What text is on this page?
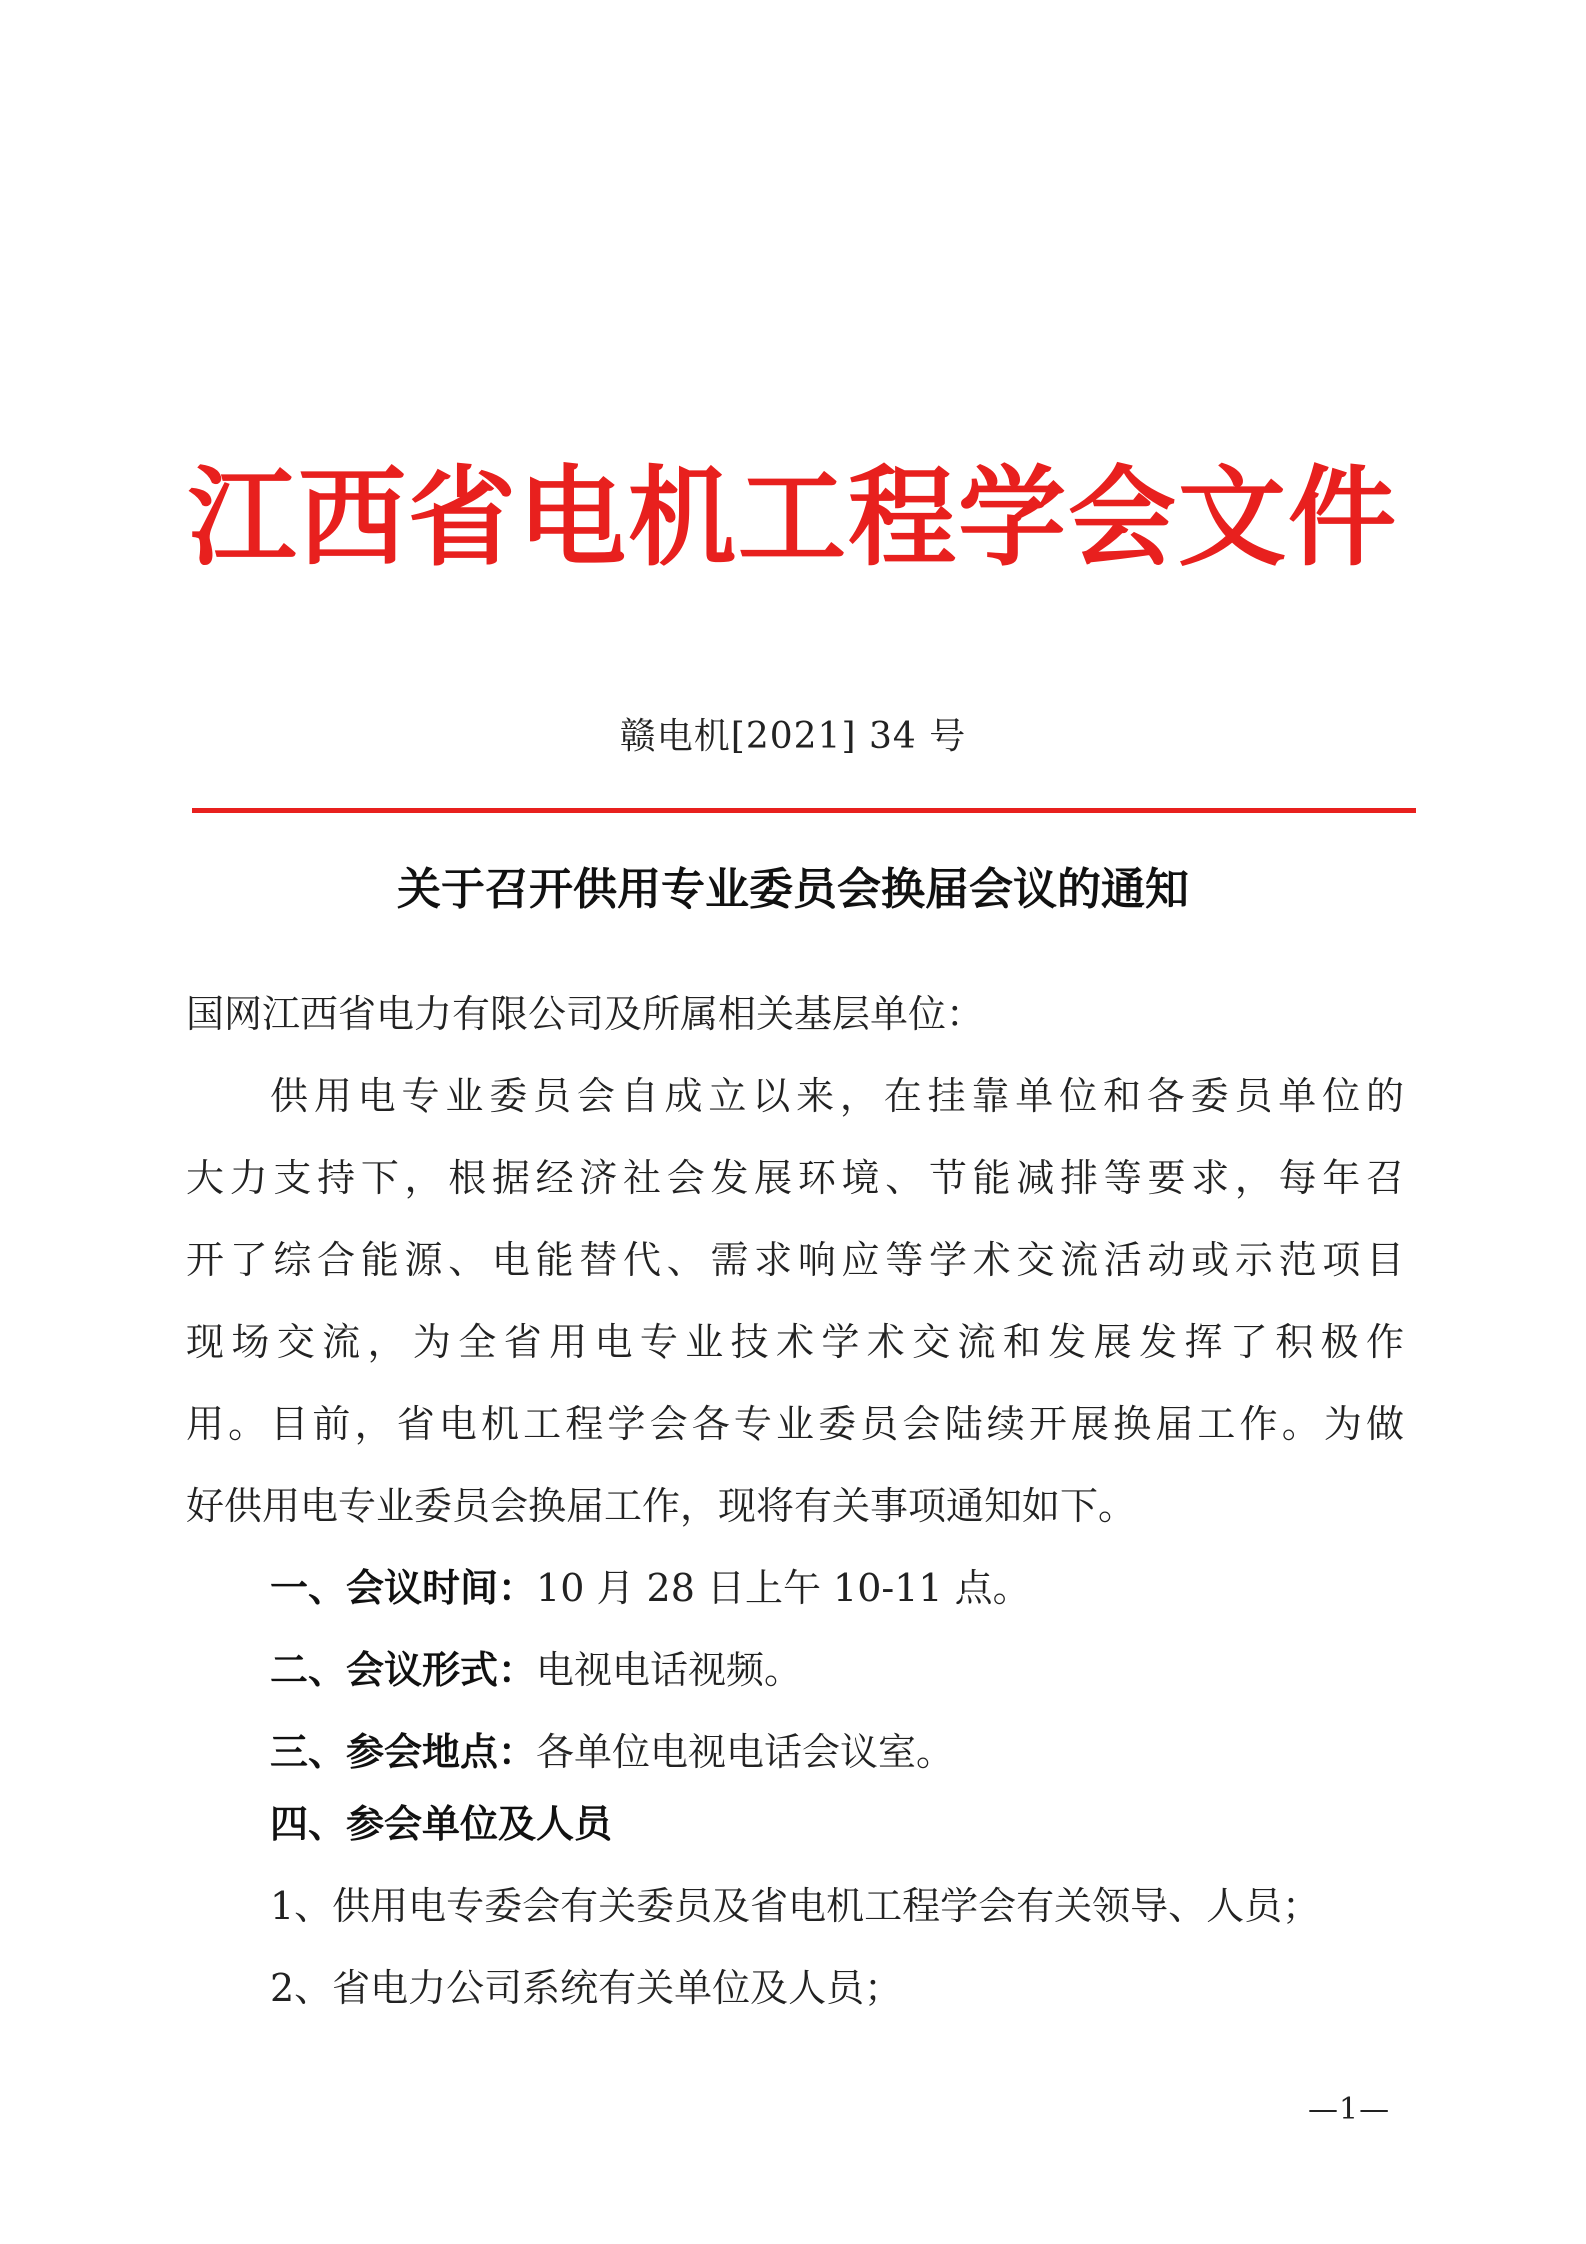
江西省电机工程学会文件
赣电机[2021] 34 号
关于召开供用专业委员会换届会议的通知
国网江西省电力有限公司及所属相关基层单位：
供用电专业委员会自成立以来，在挂靠单位和各委员单位的
大力支持下，根据经济社会发展环境、节能减排等要求，每年召
开了综合能源、电能替代、需求响应等学术交流活动或示范项目
现场交流，为全省用电专业技术学术交流和发展发挥了积极作
用。目前，省电机工程学会各专业委员会陆续开展换届工作。为做
好供用电专业委员会换届工作，现将有关事项通知如下。
一、会议时间：10 月 28 日上午 10-11 点。
二、会议形式：电视电话视频。
三、参会地点：各单位电视电话会议室。
四、参会单位及人员
1、供用电专委会有关委员及省电机工程学会有关领导、人员；
2、省电力公司系统有关单位及人员；
—1—
